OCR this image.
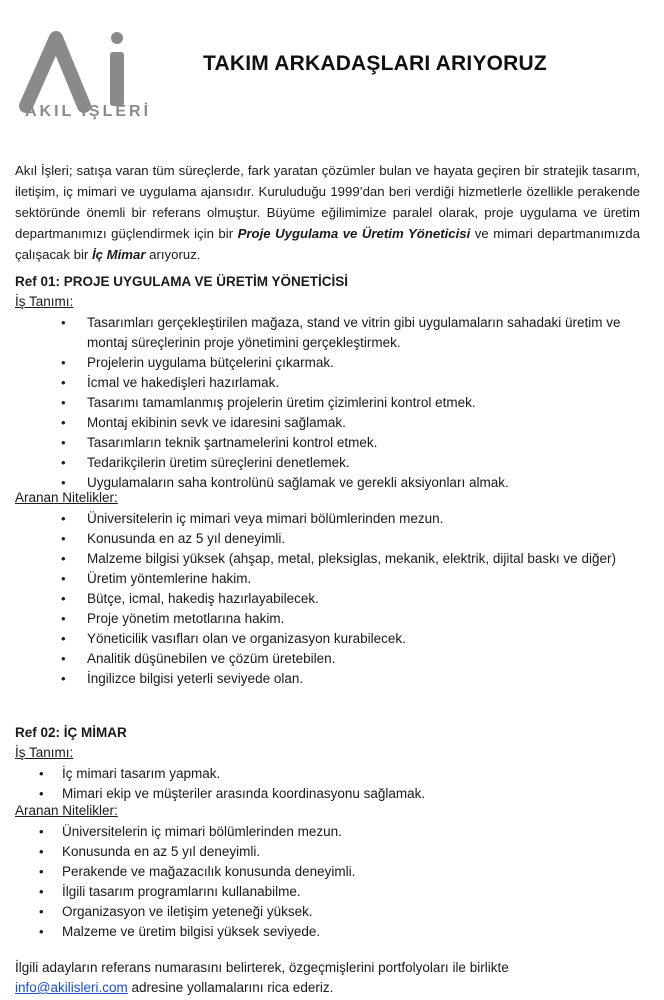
AKIL İŞLERİ
TAKIM ARKADAŞLARI ARIYORUZ
Akıl İşleri; satışa varan tüm süreçlerde, fark yaratan çözümler bulan ve hayata geçiren bir stratejik tasarım, iletişim, iç mimari ve uygulama ajansıdır. Kuruluduğu 1999’dan beri verdiği hizmetlerle özellikle perakende sektöründe önemli bir referans olmuştur. Büyüme eğilimimize paralel olarak, proje uygulama ve üretim departmanımızı güçlendirmek için bir Proje Uygulama ve Üretim Yöneticisi ve mimari departmanımızda çalışacak bir İç Mimar arıyoruz.
Ref 01: PROJE UYGULAMA VE ÜRETİM YÖNETİCİSİ
İş Tanımı:
• Tasarımları gerçekleştirilen mağaza, stand ve vitrin gibi uygulamaların sahadaki üretim ve montaj süreçlerinin proje yönetimini gerçekleştirmek.
• Projelerin uygulama bütçelerini çıkarmak.
• İcmal ve hakedişleri hazırlamak.
• Tasarımı tamamlanmış projelerin üretim çizimlerini kontrol etmek.
• Montaj ekibinin sevk ve idaresini sağlamak.
• Tasarımların teknik şartnamelerini kontrol etmek.
• Tedarikçilerin üretim süreçlerini denetlemek.
• Uygulamaların saha kontrolünü sağlamak ve gerekli aksiyonları almak.
Aranan Nitelikler:
• Üniversitelerin iç mimari veya mimari bölümlerinden mezun.
• Konusunda en az 5 yıl deneyimli.
• Malzeme bilgisi yüksek (ahşap, metal, pleksiglas, mekanik, elektrik, dijital baskı ve diğer)
• Üretim yöntemlerine hakim.
• Bütçe, icmal, hakediş hazırlayabilecek.
• Proje yönetim metotlarına hakim.
• Yöneticilik vasıfları olan ve organizasyon kurabilecek.
• Analitik düşünebilen ve çözüm üretebilen.
• İngilizce bilgisi yeterli seviyede olan.
Ref 02: İÇ MİMAR
İş Tanımı:
• İç mimari tasarım yapmak.
• Mimari ekip ve müşteriler arasında koordinasyonu sağlamak.
Aranan Nitelikler:
• Üniversitelerin iç mimari bölümlerinden mezun.
• Konusunda en az 5 yıl deneyimli.
• Perakende ve mağazacılık konusunda deneyimli.
• İlgili tasarım programlarını kullanabilme.
• Organizasyon ve iletişim yeteneği yüksek.
• Malzeme ve üretim bilgisi yüksek seviyede.
İlgili adayların referans numarasını belirterek, özgeçmişlerini portfolyoları ile birlikte
info@akilisleri.com adresine yollamalarını rica ederiz.
